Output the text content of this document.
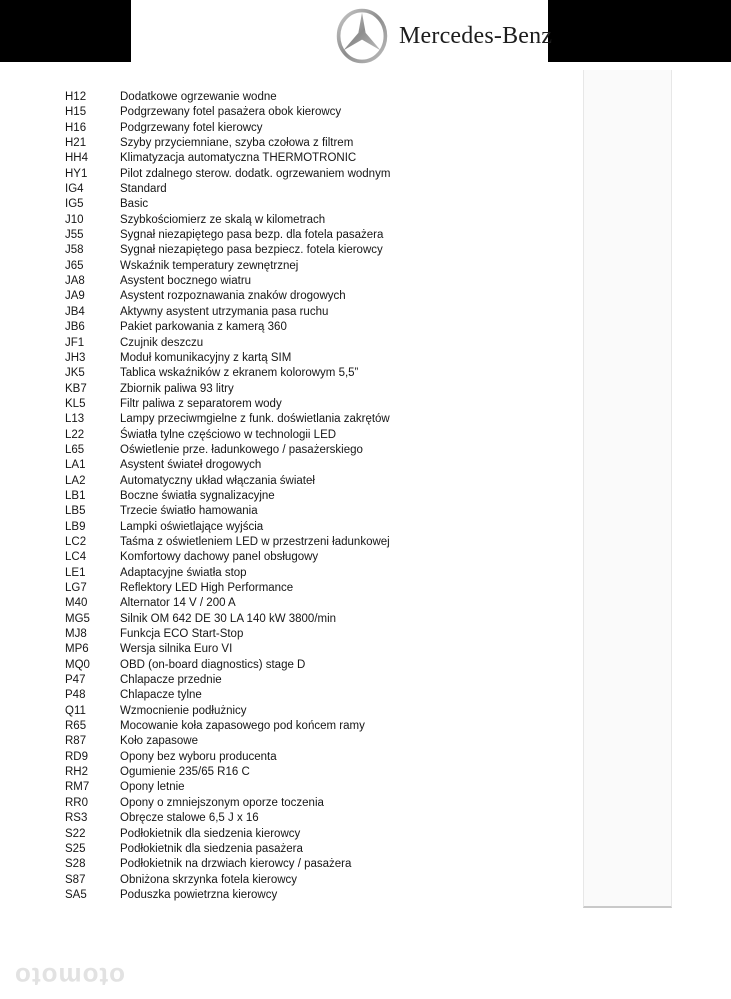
Mercedes-Benz
H12	Dodatkowe ogrzewanie wodne
H15	Podgrzewany fotel pasażera obok kierowcy
H16	Podgrzewany fotel kierowcy
H21	Szyby przyciemniane, szyba czołowa z filtrem
HH4	Klimatyzacja automatyczna THERMOTRONIC
HY1	Pilot zdalnego sterow. dodatk. ogrzewaniem wodnym
IG4	Standard
IG5	Basic
J10	Szybkościomierz ze skalą w kilometrach
J55	Sygnał niezapiętego pasa bezp. dla fotela pasażera
J58	Sygnał niezapiętego pasa bezpiecz. fotela kierowcy
J65	Wskaźnik temperatury zewnętrznej
JA8	Asystent bocznego wiatru
JA9	Asystent rozpoznawania znaków drogowych
JB4	Aktywny asystent utrzymania pasa ruchu
JB6	Pakiet parkowania z kamerą 360
JF1	Czujnik deszczu
JH3	Moduł komunikacyjny z kartą SIM
JK5	Tablica wskaźników z ekranem kolorowym 5,5”
KB7	Zbiornik paliwa 93 litry
KL5	Filtr paliwa z separatorem wody
L13	Lampy przeciwmgielne z funk. doświetlania zakrętów
L22	Światła tylne częściowo w technologii LED
L65	Oświetlenie prze. ładunkowego / pasażerskiego
LA1	Asystent świateł drogowych
LA2	Automatyczny układ włączania świateł
LB1	Boczne światła sygnalizacyjne
LB5	Trzecie światło hamowania
LB9	Lampki oświetlające wyjścia
LC2	Taśma z oświetleniem LED w przestrzeni ładunkowej
LC4	Komfortowy dachowy panel obsługowy
LE1	Adaptacyjne światła stop
LG7	Reflektory LED High Performance
M40	Alternator 14 V / 200 A
MG5	Silnik OM 642 DE 30 LA 140 kW 3800/min
MJ8	Funkcja ECO Start-Stop
MP6	Wersja silnika Euro VI
MQ0	OBD (on-board diagnostics) stage D
P47	Chlapacze przednie
P48	Chlapacze tylne
Q11	Wzmocnienie podłużnicy
R65	Mocowanie koła zapasowego pod końcem ramy
R87	Koło zapasowe
RD9	Opony bez wyboru producenta
RH2	Ogumienie 235/65 R16 C
RM7	Opony letnie
RR0	Opony o zmniejszonym oporze toczenia
RS3	Obręcze stalowe 6,5 J x 16
S22	Podłokietnik dla siedzenia kierowcy
S25	Podłokietnik dla siedzenia pasażera
S28	Podłokietnik na drzwiach kierowcy / pasażera
S87	Obniżona skrzynka fotela kierowcy
SA5	Poduszka powietrzna kierowcy
otomoto
